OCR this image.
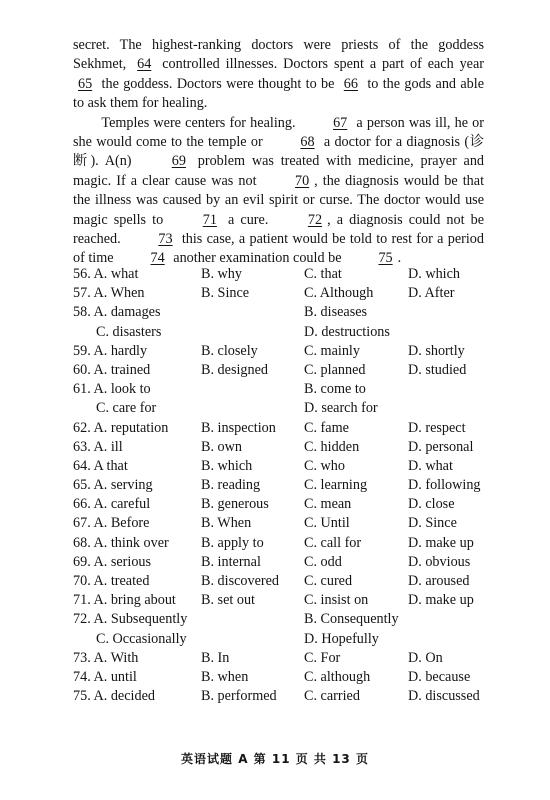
secret. The highest-ranking doctors were priests of the goddess Sekhmet, 64 controlled illnesses. Doctors spent a part of each year 65 the goddess. Doctors were thought to be 66 to the gods and able to ask them for healing.

Temples were centers for healing.	67 a person was ill, he or she would come to the temple or	68 a doctor for a diagnosis (诊断). A(n)	69 problem was treated with medicine, prayer and magic. If a clear cause was not	70 , the diagnosis would be that the illness was caused by an evil spirit or curse. The doctor would use magic spells to	71 a cure.	72 , a diagnosis could not be reached.	73 this case, a patient would be told to rest for a period of time	74 another examination could be	75 .

56. A. what	B. why	C. that	D. which
57. A. When	B. Since	C. Although D. After
58. A. damages	B. diseases
C. disasters	D. destructions
59. A. hardly	B. closely	C. mainly	D. shortly
60. A. trained	B. designed	C. planned	D. studied
61. A. look to	B. come to
C. care for	D. search for
62. A. reputation B. inspection C. fame	D. respect
63. A. ill	B. own	C. hidden	D. personal
64. A that	B. which	C. who	D. what
65. A. serving	B. reading	C. learning	D. following
66. A. careful	B. generous C. mean	D. close
67. A. Before	B. When	C. Until	D. Since
68. A. think over B. apply to	C. call for	D. make up
69. A. serious	B. internal	C. odd	D. obvious
70. A. treated	B. discovered C. cured	D. aroused
71. A. bring about B. set out	C. insist on	D. make up
72. A. Subsequently	B. Consequently
C. Occasionally	D. Hopefully
73. A. With	B. In	C. For	D. On
74. A. until	B. when	C. although	D. because
75. A. decided	B. performed C. carried	D. discussed
英语试题 A 第 11 页 共 13 页
